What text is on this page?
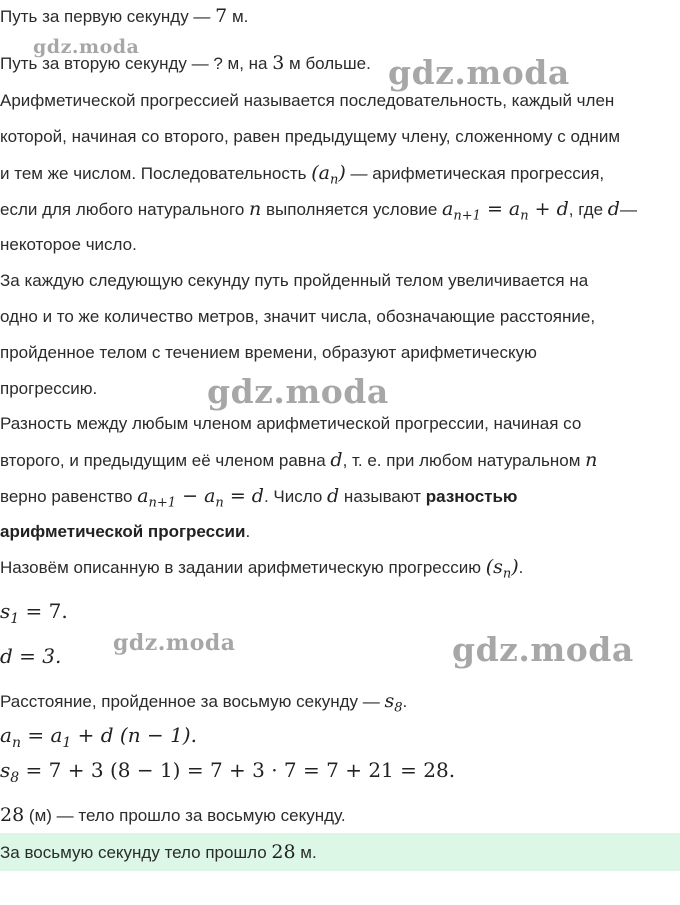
Путь за первую секунду — 7 м.
gdz.moda
Путь за вторую секунду — ? м, на 3 м больше. gdz.moda
Арифметической прогрессией называется последовательность, каждый член
которой, начиная со второго, равен предыдущему члену, сложенному с одним
и тем же числом. Последовательность $(a_n)$ — арифметическая прогрессия,
если для любого натурального n выполняется условие $a_{n+1} = a_n + d$, где d—
некоторое число.
За каждую следующую секунду путь пройденный телом увеличивается на
одно и то же количество метров, значит числа, обозначающие расстояние,
пройденное телом с течением времени, образуют арифметическую
прогрессию.	gdz.moda
Разность между любым членом арифметической прогрессии, начиная со
второго, и предыдущим её членом равна d, т. е. при любом натуральном n
верно равенство $a_{n+1} - a_n = d$. Число d называют разностью
арифметической прогрессии.
Назовём описанную в задании арифметическую прогрессию $(s_n)$.
$s_1 = 7$.
d = 3. gdz.moda	gdz.moda
Расстояние, пройденное за восьмую секунду — $s_8$.
$a_n = a_1 + d$ (n − 1).
$s_8 = 7 + 3$ (8 − 1) = 7 + 3 · 7 = 7 + 21 = 28.
28 (м) — тело прошло за восьмую секунду.
За восьмую секунду тело прошло 28 м.
